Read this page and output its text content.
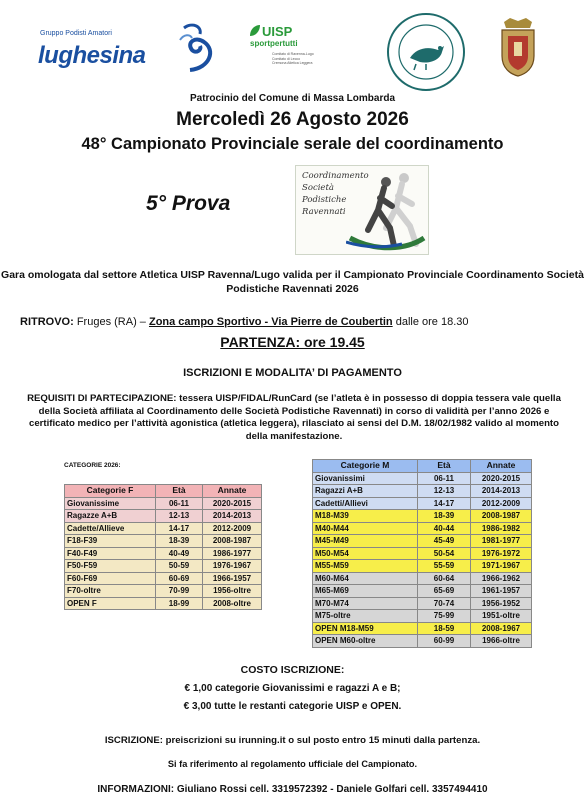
Gruppo Podisti Amatori
lughesina
UISP
sportpertutti
Comitato di Ravenna-Lugo Comitato di Lecco Cremona Atletica Leggera
Patrocinio del Comune di Massa Lombarda
Mercoledì 26 Agosto 2026
48° Campionato Provinciale serale del coordinamento
5° Prova
Coordinamento
Società
Podistiche
Ravennati
Gara omologata dal settore Atletica UISP Ravenna/Lugo valida per il Campionato Provinciale Coordinamento Società Podistiche Ravennati 2026
RITROVO: Fruges (RA) – Zona campo Sportivo - Via Pierre de Coubertin dalle ore 18.30
PARTENZA: ore 19.45
ISCRIZIONI E MODALITA’ DI PAGAMENTO
REQUISITI DI PARTECIPAZIONE: tessera UISP/FIDAL/RunCard (se l’atleta è in possesso di doppia tessera vale quella della Società affiliata al Coordinamento delle Società Podistiche Ravennati) in corso di validità per l’anno 2026 e certificato medico per l’attività agonistica (atletica leggera), rilasciato ai sensi del D.M. 18/02/1982 valido al momento della manifestazione.
CATEGORIE 2026:
Categorie F	Età	Annate
Giovanissime	06-11	2020-2015
Ragazze A+B	12-13	2014-2013
Cadette/Allieve	14-17	2012-2009
F18-F39	18-39	2008-1987
F40-F49	40-49	1986-1977
F50-F59	50-59	1976-1967
F60-F69	60-69	1966-1957
F70-oltre	70-99	1956-oltre
OPEN F	18-99	2008-oltre
Categorie M	Età	Annate
Giovanissimi	06-11	2020-2015
Ragazzi A+B	12-13	2014-2013
Cadetti/Allievi	14-17	2012-2009
M18-M39	18-39	2008-1987
M40-M44	40-44	1986-1982
M45-M49	45-49	1981-1977
M50-M54	50-54	1976-1972
M55-M59	55-59	1971-1967
M60-M64	60-64	1966-1962
M65-M69	65-69	1961-1957
M70-M74	70-74	1956-1952
M75-oltre	75-99	1951-oltre
OPEN M18-M59	18-59	2008-1967
OPEN M60-oltre	60-99	1966-oltre
COSTO ISCRIZIONE:
€ 1,00 categorie Giovanissimi e ragazzi A e B;
€ 3,00 tutte le restanti categorie UISP e OPEN.
ISCRIZIONE: preiscrizioni su irunning.it o sul posto entro 15 minuti dalla partenza.
Si fa riferimento al regolamento ufficiale del Campionato.
INFORMAZIONI: Giuliano Rossi cell. 3319572392 - Daniele Golfari cell. 3357494410
